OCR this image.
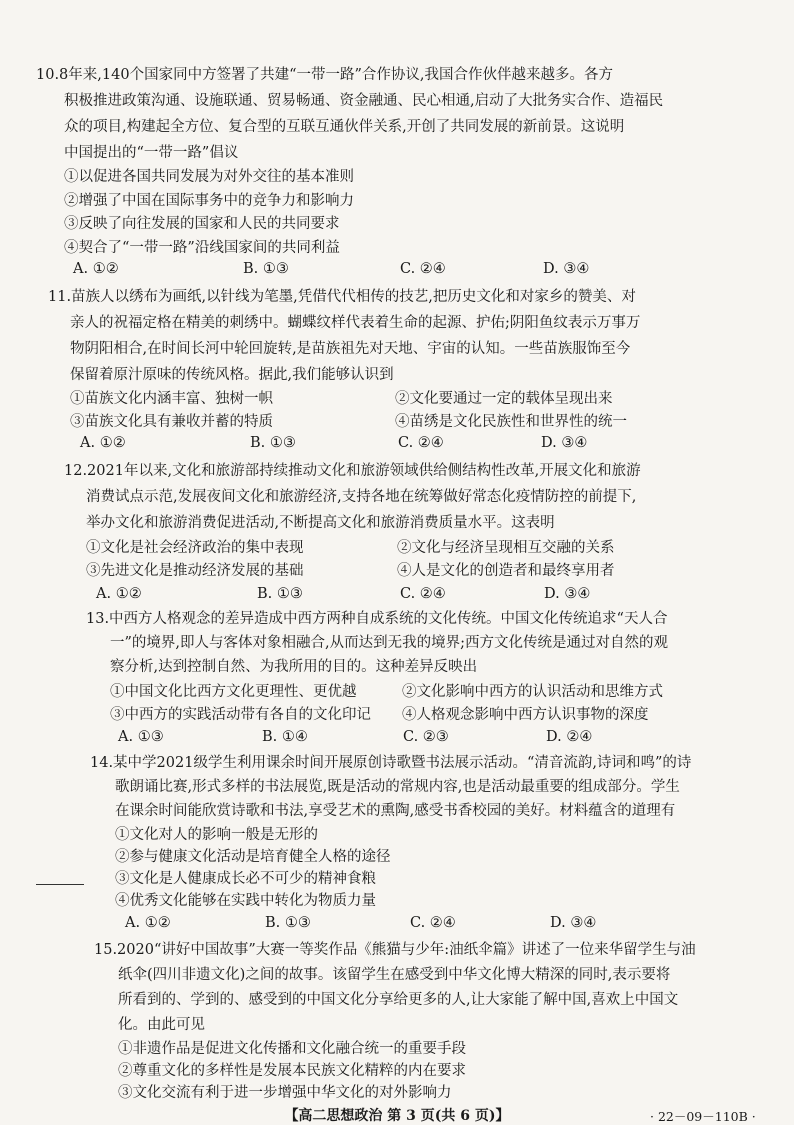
10.8年来,140个国家同中方签署了共建“一带一路”合作协议,我国合作伙伴越来越多。各方
积极推进政策沟通、设施联通、贸易畅通、资金融通、民心相通,启动了大批务实合作、造福民
众的项目,构建起全方位、复合型的互联互通伙伴关系,开创了共同发展的新前景。这说明
中国提出的“一带一路”倡议
①以促进各国共同发展为对外交往的基本准则
②增强了中国在国际事务中的竞争力和影响力
③反映了向往发展的国家和人民的共同要求
④契合了“一带一路”沿线国家间的共同利益
A. ①②	B. ①③	C. ②④	D. ③④
11.苗族人以绣布为画纸,以针线为笔墨,凭借代代相传的技艺,把历史文化和对家乡的赞美、对
亲人的祝福定格在精美的刺绣中。蝴蝶纹样代表着生命的起源、护佑;阴阳鱼纹表示万事万
物阴阳相合,在时间长河中轮回旋转,是苗族祖先对天地、宇宙的认知。一些苗族服饰至今
保留着原汁原味的传统风格。据此,我们能够认识到
①苗族文化内涵丰富、独树一帜	②文化要通过一定的载体呈现出来
③苗族文化具有兼收并蓄的特质	④苗绣是文化民族性和世界性的统一
A. ①②	B. ①③	C. ②④	D. ③④
12.2021年以来,文化和旅游部持续推动文化和旅游领域供给侧结构性改革,开展文化和旅游
消费试点示范,发展夜间文化和旅游经济,支持各地在统筹做好常态化疫情防控的前提下,
举办文化和旅游消费促进活动,不断提高文化和旅游消费质量水平。这表明
①文化是社会经济政治的集中表现	②文化与经济呈现相互交融的关系
③先进文化是推动经济发展的基础	④人是文化的创造者和最终享用者
A. ①②	B. ①③	C. ②④	D. ③④
13.中西方人格观念的差异造成中西方两种自成系统的文化传统。中国文化传统追求“天人合
一”的境界,即人与客体对象相融合,从而达到无我的境界;西方文化传统是通过对自然的观
察分析,达到控制自然、为我所用的目的。这种差异反映出
①中国文化比西方文化更理性、更优越	②文化影响中西方的认识活动和思维方式
③中西方的实践活动带有各自的文化印记 ④人格观念影响中西方认识事物的深度
A. ①③	B. ①④	C. ②③	D. ②④
14.某中学2021级学生利用课余时间开展原创诗歌暨书法展示活动。“清音流韵,诗词和鸣”的诗
歌朗诵比赛,形式多样的书法展览,既是活动的常规内容,也是活动最重要的组成部分。学生
在课余时间能欣赏诗歌和书法,享受艺术的熏陶,感受书香校园的美好。材料蕴含的道理有
①文化对人的影响一般是无形的
②参与健康文化活动是培育健全人格的途径
③文化是人健康成长必不可少的精神食粮
④优秀文化能够在实践中转化为物质力量
A. ①②	B. ①③	C. ②④	D. ③④
15.2020“讲好中国故事”大赛一等奖作品《熊猫与少年:油纸伞篇》讲述了一位来华留学生与油
纸伞(四川非遗文化)之间的故事。该留学生在感受到中华文化博大精深的同时,表示要将
所看到的、学到的、感受到的中国文化分享给更多的人,让大家能了解中国,喜欢上中国文
化。由此可见
①非遗作品是促进文化传播和文化融合统一的重要手段
②尊重文化的多样性是发展本民族文化精粹的内在要求
③文化交流有利于进一步增强中华文化的对外影响力
【高二思想政治 第 3 页(共 6 页)】	· 22－09－110B ·
